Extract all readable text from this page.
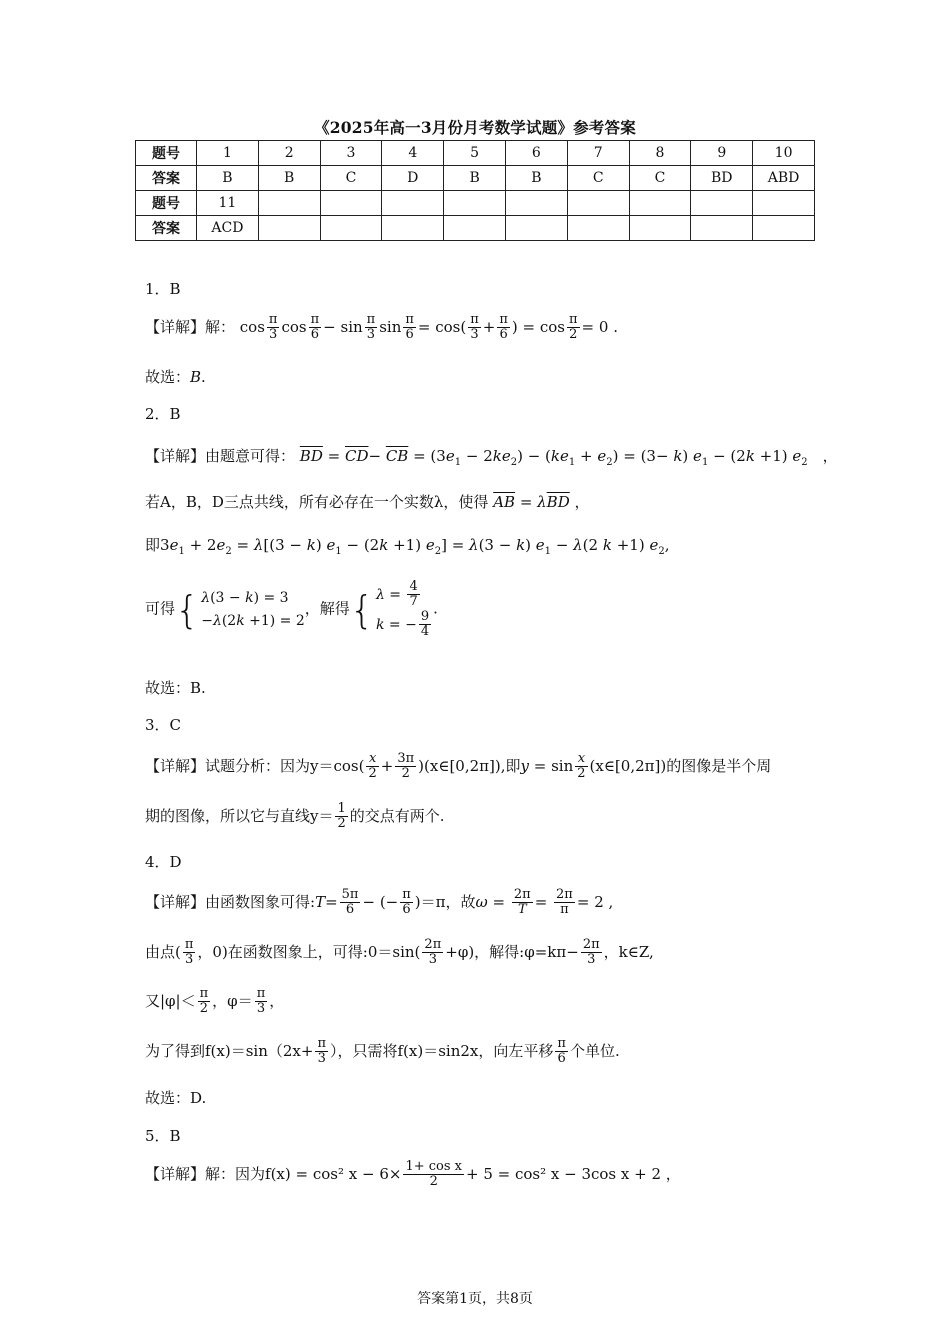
《2025年高一3月份月考数学试题》参考答案
题号	1	2	3	4	5	6	7	8	9	10
答案	B	B	C	D	B	B	C	C	BD	ABD
题号	11									
答案	ACD									
1．B
【详解】解： $\cos \frac{\pi}{3}$ $\cos \frac{\pi}{6} - \sin \frac{\pi}{3}$ $\sin \frac{\pi}{6} = \cos( \frac{\pi}{3} + \frac{\pi}{6}$ ) = $\cos \frac{\pi}{2} = 0$ .
故选：B.
2．B
【详解】由题意可得： $\overline{BD} = \overline{CD}- \overline{CB} = (3e_1 - 2ke_2) - (ke_1 + e_2) = (3- k) e_1 - (2k +1)$ $e_2$　，
若A，B，D三点共线，所有必存在一个实数λ，使得 $\overline{AB} = \lambda\overline{BD}$ ，
即$3e_1 + 2e_2 = \lambda[(3 - k) e_1 - (2k +1) e_2] = \lambda(3 - k) e_1 - \lambda(2$ k +1) $e_2$,
可得{ λ(3 − k) = 3
−λ(2k +1) = 2，解得{ $\lambda = \frac{4}{7}$

k = − $\frac{9}{4}$
.
故选：B.
3．C
【详解】试题分析：因为$y=\cos( \frac{x}{2} + \frac{3\pi}{2}$ )(x∈[0,2π]),即$y = \sin \frac{x}{2}$ (x∈[0,2π])的图像是半个周
期的图像，所以它与直线$y= \frac{1}{2}$ 的交点有两个.
4．D
【详解】由函数图象可得:T= $\frac{5\pi}{6}$ − (− $\frac{\pi}{6} )=\pi$，故$\omega = \frac{2\pi}{T} = \frac{2\pi}{\pi} = 2$ ,
由点( $\frac{\pi}{3}$ ，0)在函数图象上，可得:0＝sin( $\frac{2\pi}{3} +\varphi$)，解得:φ=kπ− $\frac{2\pi}{3}$ ，k∈Z,
又$|\varphi|< \frac{\pi}{2}$ ，$\varphi= \frac{\pi}{3}$ ，
为了得到$f(x)=\sin(2x+ \frac{\pi}{3}$ ），只需将f(x)＝sin2x，向左平移 $\frac{\pi}{6}$ 个单位.
故选：D.
5．B
【详解】解：因为f(x) = cos² $x - 6\times \frac{\text{1+ cos x}}{2} + 5 = \cos^2$ x − 3cos x + 2 ，
答案第1页，共8页
